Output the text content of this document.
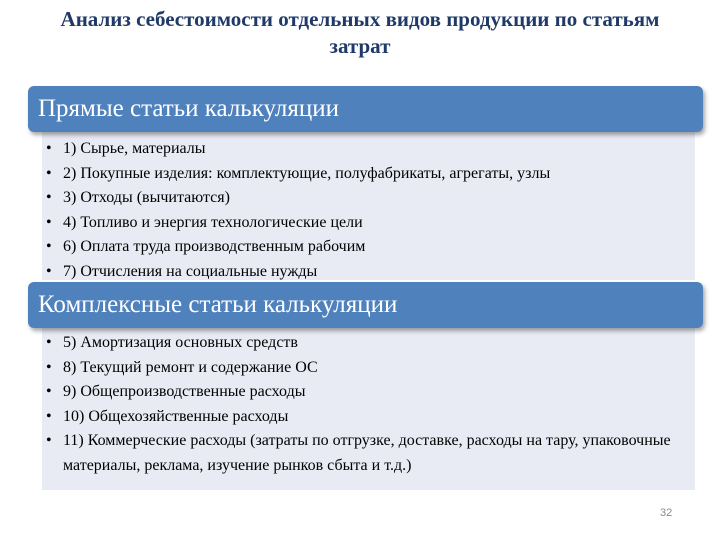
Анализ себестоимости отдельных видов продукции по статьям
затрат
Прямые статьи калькуляции
• 1) Сырье, материалы
• 2) Покупные изделия: комплектующие, полуфабрикаты, агрегаты, узлы
• 3) Отходы (вычитаются)
• 4) Топливо и энергия технологические цели
• 6) Оплата труда производственным рабочим
• 7) Отчисления на социальные нужды
Комплексные статьи калькуляции
• 5) Амортизация основных средств
• 8) Текущий ремонт и содержание ОС
• 9) Общепроизводственные расходы
• 10) Общехозяйственные расходы
• 11) Коммерческие расходы (затраты по отгрузке, доставке, расходы на тару, упаковочные материалы, реклама, изучение рынков сбыта и т.д.)
32
